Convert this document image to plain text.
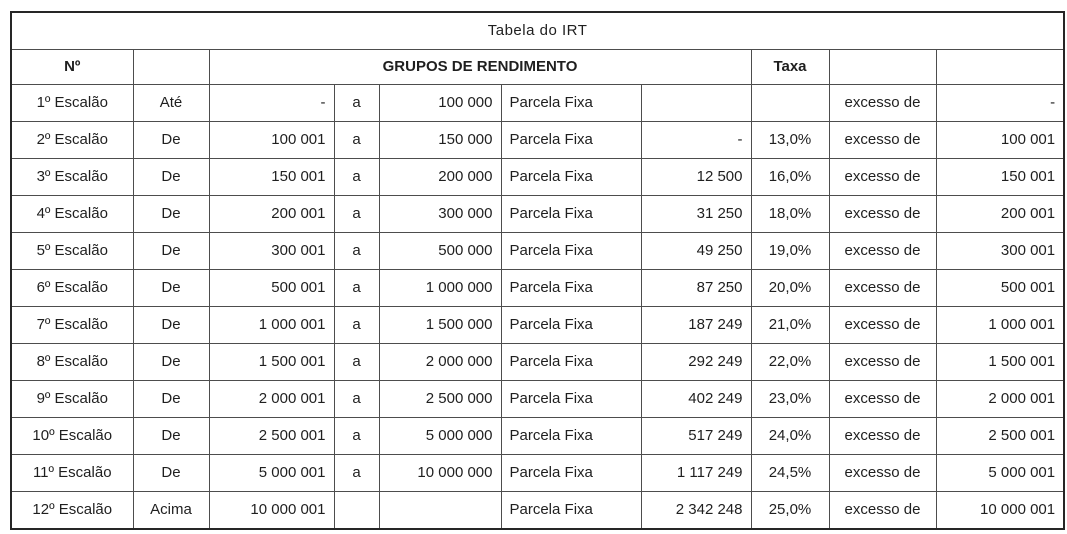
Tabela do IRT									
Nº		GRUPOS DE RENDIMENTO					Taxa		
1º Escalão	Até	-	a	100 000	Parcela Fixa			excesso de	-
2º Escalão	De	100 001	a	150 000	Parcela Fixa	-	13,0%	excesso de	100 001
3º Escalão	De	150 001	a	200 000	Parcela Fixa	12 500	16,0%	excesso de	150 001
4º Escalão	De	200 001	a	300 000	Parcela Fixa	31 250	18,0%	excesso de	200 001
5º Escalão	De	300 001	a	500 000	Parcela Fixa	49 250	19,0%	excesso de	300 001
6º Escalão	De	500 001	a	1 000 000	Parcela Fixa	87 250	20,0%	excesso de	500 001
7º Escalão	De	1 000 001	a	1 500 000	Parcela Fixa	187 249	21,0%	excesso de	1 000 001
8º Escalão	De	1 500 001	a	2 000 000	Parcela Fixa	292 249	22,0%	excesso de	1 500 001
9º Escalão	De	2 000 001	a	2 500 000	Parcela Fixa	402 249	23,0%	excesso de	2 000 001
10º Escalão	De	2 500 001	a	5 000 000	Parcela Fixa	517 249	24,0%	excesso de	2 500 001
11º Escalão	De	5 000 001	a	10 000 000	Parcela Fixa	1 117 249	24,5%	excesso de	5 000 001
12º Escalão	Acima	10 000 001			Parcela Fixa	2 342 248	25,0%	excesso de	10 000 001
